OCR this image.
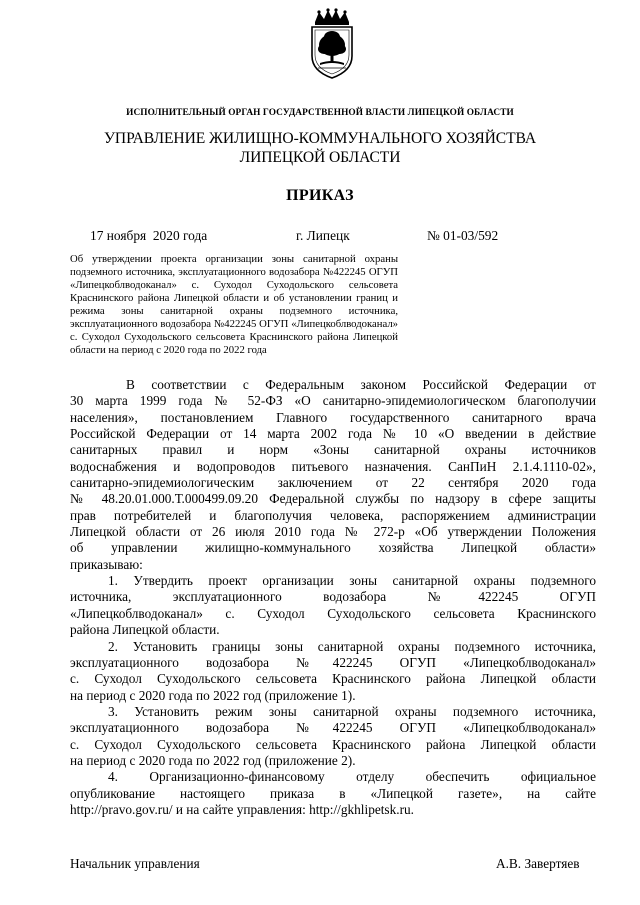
ИСПОЛНИТЕЛЬНЫЙ ОРГАН ГОСУДАРСТВЕННОЙ ВЛАСТИ ЛИПЕЦКОЙ ОБЛАСТИ
УПРАВЛЕНИЕ ЖИЛИЩНО-КОММУНАЛЬНОГО ХОЗЯЙСТВА
ЛИПЕЦКОЙ ОБЛАСТИ
ПРИКАЗ
17 ноября  2020 года	г. Липецк	№ 01-03/592
Об утверждении проекта организации зоны санитарной охраны
подземного источника, эксплуатационного водозабора №422245 ОГУП
«Липецкоблводоканал» с. Суходол Суходольского сельсовета
Краснинского района Липецкой области и об установлении границ и
режима зоны санитарной охраны подземного источника,
эксплуатационного водозабора №422245 ОГУП «Липецкоблводоканал»
с. Суходол Суходольского сельсовета Краснинского района Липецкой
области на период с 2020 года по 2022 года
В соответствии с Федеральным законом Российской Федерации от
30 марта 1999 года № 52-ФЗ «О санитарно-эпидемиологическом благополучии
населения», постановлением Главного государственного санитарного врача
Российской Федерации от 14 марта 2002 года № 10 «О введении в действие
санитарных правил и норм «Зоны санитарной охраны источников
водоснабжения и водопроводов питьевого назначения. СанПиН 2.1.4.1110-02»,
санитарно-эпидемиологическим заключением от 22 сентября 2020 года
№ 48.20.01.000.Т.000499.09.20 Федеральной службы по надзору в сфере защиты
прав потребителей и благополучия человека, распоряжением администрации
Липецкой области от 26 июля 2010 года № 272-р «Об утверждении Положения
об управлении жилищно-коммунального хозяйства Липецкой области»
приказываю:
1. Утвердить проект организации зоны санитарной охраны подземного
источника, эксплуатационного водозабора №422245 ОГУП
«Липецкоблводоканал» с. Суходол Суходольского сельсовета Краснинского
района Липецкой области.
2. Установить границы зоны санитарной охраны подземного источника,
эксплуатационного водозабора №422245 ОГУП «Липецкоблводоканал»
с. Суходол Суходольского сельсовета Краснинского района Липецкой области
на период с 2020 года по 2022 год (приложение 1).
3. Установить режим зоны санитарной охраны подземного источника,
эксплуатационного водозабора №422245 ОГУП «Липецкоблводоканал»
с. Суходол Суходольского сельсовета Краснинского района Липецкой области
на период с 2020 года по 2022 год (приложение 2).
4. Организационно-финансовому отделу обеспечить официальное
опубликование настоящего приказа в «Липецкой газете», на сайте
http://pravo.gov.ru/ и на сайте управления: http://gkhlipetsk.ru.
Начальник управления	А.В. Завертяев
